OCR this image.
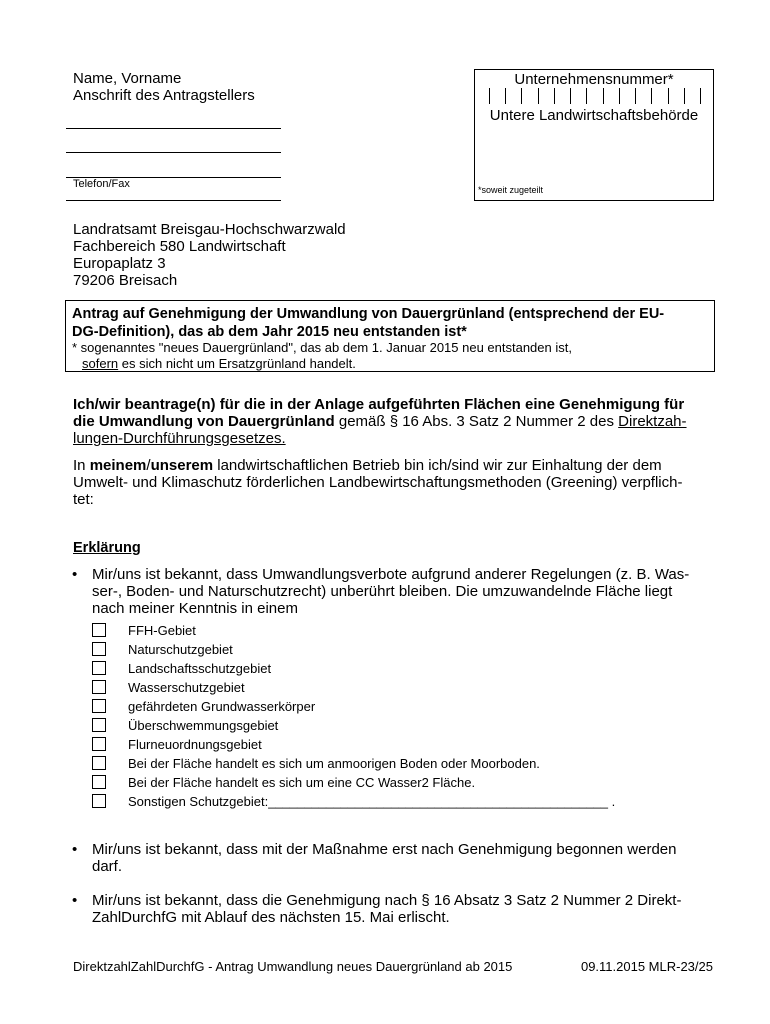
Name, Vorname
Anschrift des Antragstellers
Telefon/Fax
Unternehmensnummer*
Untere Landwirtschaftsbehörde
*soweit zugeteilt
Landratsamt Breisgau-Hochschwarzwald
Fachbereich 580 Landwirtschaft
Europaplatz 3
79206 Breisach
Antrag auf Genehmigung der Umwandlung von Dauergrünland (entsprechend der EU-
DG-Definition), das ab dem Jahr 2015 neu entstanden ist*
* sogenanntes "neues Dauergrünland", das ab dem 1. Januar 2015 neu entstanden ist,
sofern es sich nicht um Ersatzgrünland handelt.
Ich/wir beantrage(n) für die in der Anlage aufgeführten Flächen eine Genehmigung für
die Umwandlung von Dauergrünland gemäß § 16 Abs. 3 Satz 2 Nummer 2 des Direktzah-
lungen-Durchführungsgesetzes.
In meinem/unserem landwirtschaftlichen Betrieb bin ich/sind wir zur Einhaltung der dem
Umwelt- und Klimaschutz förderlichen Landbewirtschaftungsmethoden (Greening) verpflich-
tet:
Erklärung
• Mir/uns ist bekannt, dass Umwandlungsverbote aufgrund anderer Regelungen (z. B. Was-
ser-, Boden- und Naturschutzrecht) unberührt bleiben. Die umzuwandelnde Fläche liegt
nach meiner Kenntnis in einem
FFH-Gebiet
Naturschutzgebiet
Landschaftsschutzgebiet
Wasserschutzgebiet
gefährdeten Grundwasserkörper
Überschwemmungsgebiet
Flurneuordnungsgebiet
Bei der Fläche handelt es sich um anmoorigen Boden oder Moorboden.
Bei der Fläche handelt es sich um eine CC Wasser2 Fläche.
Sonstigen Schutzgebiet:_______________________________________________ .
• Mir/uns ist bekannt, dass mit der Maßnahme erst nach Genehmigung begonnen werden
darf.
• Mir/uns ist bekannt, dass die Genehmigung nach § 16 Absatz 3 Satz 2 Nummer 2 Direkt-
ZahlDurchfG mit Ablauf des nächsten 15. Mai erlischt.
DirektzahlZahlDurchfG - Antrag Umwandlung neues Dauergrünland ab 2015	09.11.2015 MLR-23/25
